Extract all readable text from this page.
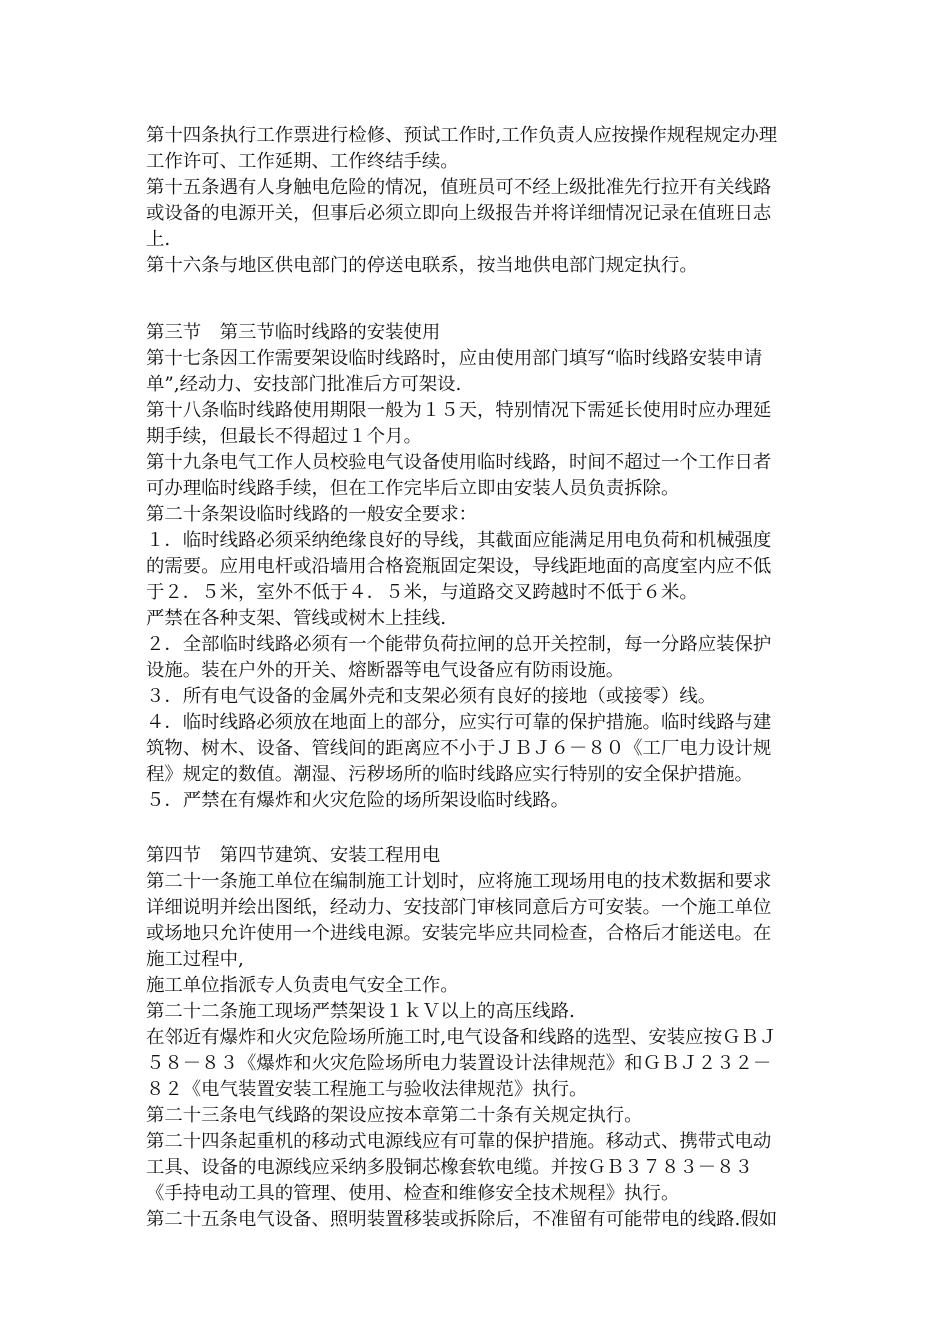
第十四条执行工作票进行检修、预试工作时,工作负责人应按操作规程规定办理
工作许可、工作延期、工作终结手续。
第十五条遇有人身触电危险的情况，值班员可不经上级批准先行拉开有关线路
或设备的电源开关，但事后必须立即向上级报告并将详细情况记录在值班日志
上.
第十六条与地区供电部门的停送电联系，按当地供电部门规定执行。
第三节　第三节临时线路的安装使用
第十七条因工作需要架设临时线路时，应由使用部门填写“临时线路安装申请
单”,经动力、安技部门批准后方可架设.
第十八条临时线路使用期限一般为１５天，特别情况下需延长使用时应办理延
期手续，但最长不得超过１个月。
第十九条电气工作人员校验电气设备使用临时线路，时间不超过一个工作日者
可办理临时线路手续，但在工作完毕后立即由安装人员负责拆除。
第二十条架设临时线路的一般安全要求：
１．临时线路必须采纳绝缘良好的导线，其截面应能满足用电负荷和机械强度
的需要。应用电杆或沿墙用合格瓷瓶固定架设，导线距地面的高度室内应不低
于２．５米，室外不低于４．５米，与道路交叉跨越时不低于６米。
严禁在各种支架、管线或树木上挂线.
２．全部临时线路必须有一个能带负荷拉闸的总开关控制，每一分路应装保护
设施。装在户外的开关、熔断器等电气设备应有防雨设施。
３．所有电气设备的金属外壳和支架必须有良好的接地（或接零）线。
４．临时线路必须放在地面上的部分，应实行可靠的保护措施。临时线路与建
筑物、树木、设备、管线间的距离应不小于ＪＢＪ６－８０《工厂电力设计规
程》规定的数值。潮湿、污秽场所的临时线路应实行特别的安全保护措施。
５．严禁在有爆炸和火灾危险的场所架设临时线路。
第四节　第四节建筑、安装工程用电
第二十一条施工单位在编制施工计划时，应将施工现场用电的技术数据和要求
详细说明并绘出图纸，经动力、安技部门审核同意后方可安装。一个施工单位
或场地只允许使用一个进线电源。安装完毕应共同检查，合格后才能送电。在
施工过程中,
施工单位指派专人负责电气安全工作。
第二十二条施工现场严禁架设１ｋＶ以上的高压线路.
在邻近有爆炸和火灾危险场所施工时,电气设备和线路的选型、安装应按ＧＢＪ
５８－８３《爆炸和火灾危险场所电力装置设计法律规范》和ＧＢＪ２３２－
８２《电气装置安装工程施工与验收法律规范》执行。
第二十三条电气线路的架设应按本章第二十条有关规定执行。
第二十四条起重机的移动式电源线应有可靠的保护措施。移动式、携带式电动
工具、设备的电源线应采纳多股铜芯橡套软电缆。并按ＧＢ３７８３－８３
《手持电动工具的管理、使用、检查和维修安全技术规程》执行。
第二十五条电气设备、照明装置移装或拆除后，不准留有可能带电的线路.假如
